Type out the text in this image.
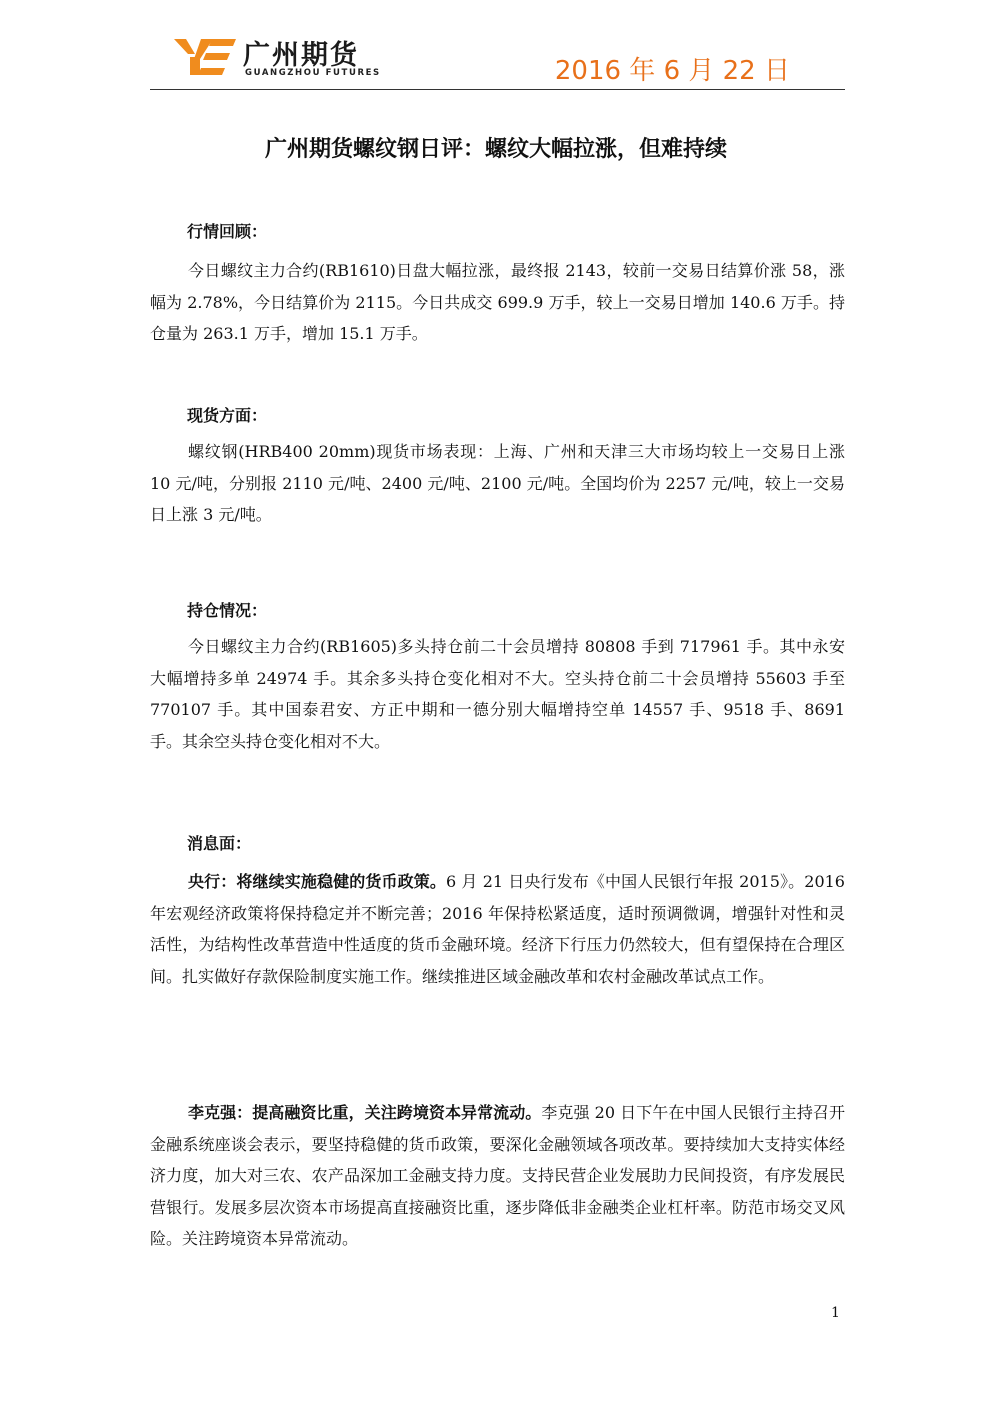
广州期货
GUANGZHOU FUTURES	2016 年 6 月 22 日
广州期货螺纹钢日评：螺纹大幅拉涨，但难持续
行情回顾：
今日螺纹主力合约(RB1610)日盘大幅拉涨，最终报 2143，较前一交易日结算价涨 58，涨幅为 2.78%，今日结算价为 2115。今日共成交 699.9 万手，较上一交易日增加 140.6 万手。持仓量为 263.1 万手，增加 15.1 万手。
现货方面：
螺纹钢(HRB400 20mm)现货市场表现：上海、广州和天津三大市场均较上一交易日上涨 10 元/吨，分别报 2110 元/吨、2400 元/吨、2100 元/吨。全国均价为 2257 元/吨，较上一交易日上涨 3 元/吨。
持仓情况：
今日螺纹主力合约(RB1605)多头持仓前二十会员增持 80808 手到 717961 手。其中永安大幅增持多单 24974 手。其余多头持仓变化相对不大。空头持仓前二十会员增持 55603 手至 770107 手。其中国泰君安、方正中期和一德分别大幅增持空单 14557 手、9518 手、8691 手。其余空头持仓变化相对不大。
消息面：
央行：将继续实施稳健的货币政策。6 月 21 日央行发布《中国人民银行年报 2015》。2016 年宏观经济政策将保持稳定并不断完善；2016 年保持松紧适度，适时预调微调，增强针对性和灵活性，为结构性改革营造中性适度的货币金融环境。经济下行压力仍然较大，但有望保持在合理区间。扎实做好存款保险制度实施工作。继续推进区域金融改革和农村金融改革试点工作。
李克强：提高融资比重，关注跨境资本异常流动。李克强 20 日下午在中国人民银行主持召开金融系统座谈会表示，要坚持稳健的货币政策，要深化金融领域各项改革。要持续加大支持实体经济力度，加大对三农、农产品深加工金融支持力度。支持民营企业发展助力民间投资，有序发展民营银行。发展多层次资本市场提高直接融资比重，逐步降低非金融类企业杠杆率。防范市场交叉风险。关注跨境资本异常流动。
1
